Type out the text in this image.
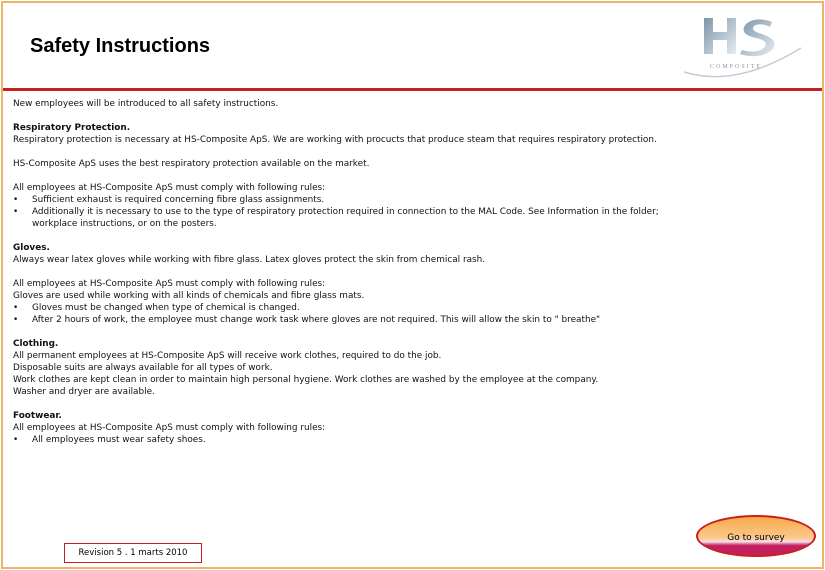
Safety Instructions
COMPOSITE
New employees will be introduced to all safety instructions.
Respiratory Protection.
Respiratory protection is necessary at HS-Composite ApS. We are working with procucts that produce steam that requires respiratory protection.
HS-Composite ApS uses the best respiratory protection available on the market.
All employees at HS-Composite ApS must comply with following rules:
• Sufficient exhaust is required concerning fibre glass assignments.
• Additionally it is necessary to use to the type of respiratory protection required in connection to the MAL Code. See Information in the folder;
workplace instructions, or on the posters.
Gloves.
Always wear latex gloves while working with fibre glass. Latex gloves protect the skin from chemical rash.
All employees at HS-Composite ApS must comply with following rules:
Gloves are used while working with all kinds of chemicals and fibre glass mats.
• Gloves must be changed when type of chemical is changed.
• After 2 hours of work, the employee must change work task where gloves are not required. This will allow the skin to " breathe"
Clothing.
All permanent employees at HS-Composite ApS will receive work clothes, required to do the job.
Disposable suits are always available for all types of work.
Work clothes are kept clean in order to maintain high personal hygiene. Work clothes are washed by the employee at the company.
Washer and dryer are available.
Footwear.
All employees at HS-Composite ApS must comply with following rules:
• All employees must wear safety shoes.
Revision 5 . 1 marts 2010
Go to survey
